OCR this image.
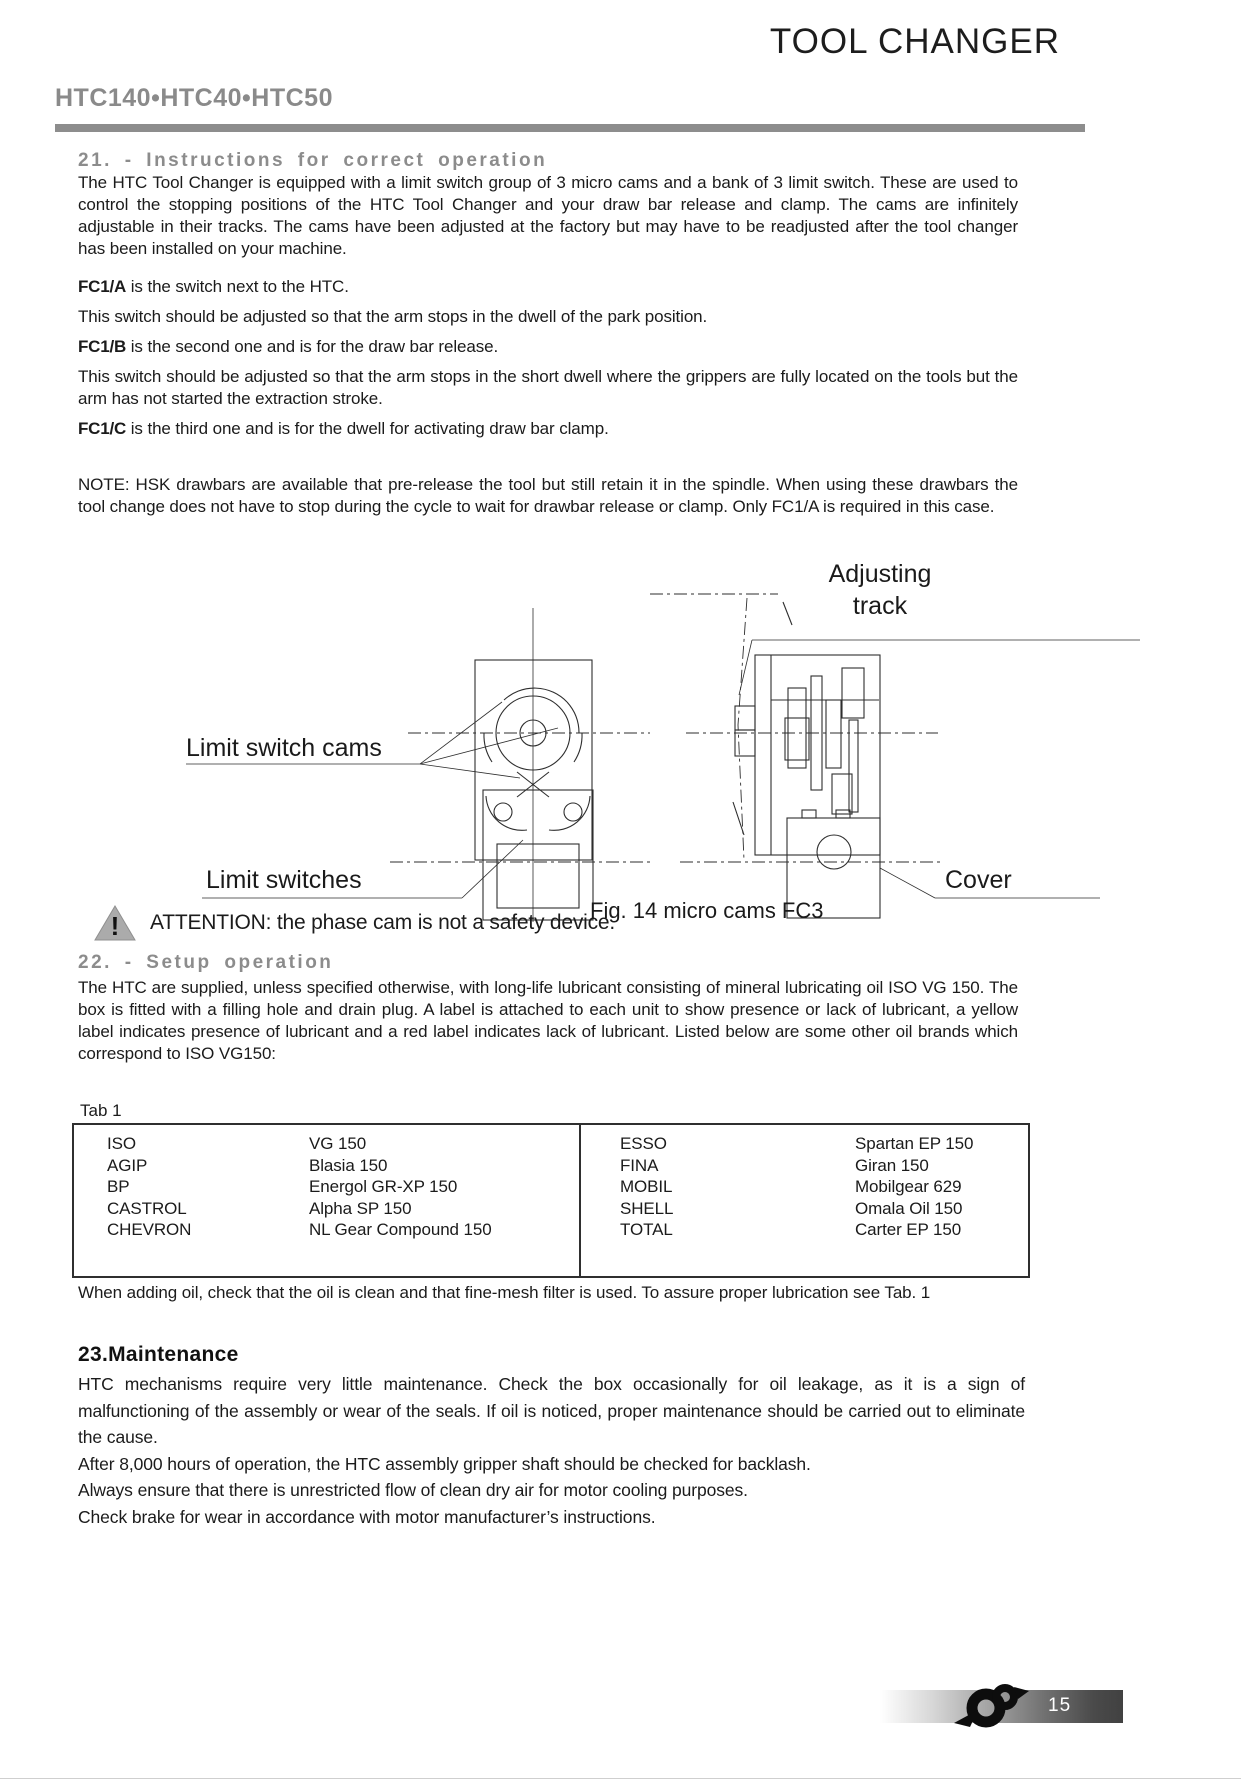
TOOL CHANGER
HTC140•HTC40•HTC50
21. - Instructions for correct operation

The HTC Tool Changer is equipped with a limit switch group of 3 micro cams and a bank of 3 limit switch. These are used to control the stopping positions of the HTC Tool Changer and your draw bar release and clamp. The cams are infinitely adjustable in their tracks. The cams have been adjusted at the factory but may have to be readjusted after the tool changer has been installed on your machine.

FC1/A is the switch next to the HTC.
This switch should be adjusted so that the arm stops in the dwell of the park position.
FC1/B is the second one and is for the draw bar release.
This switch should be adjusted so that the arm stops in the short dwell where the grippers are fully located on the tools but the arm has not started the extraction stroke.
FC1/C is the third one and is for the dwell for activating draw bar clamp.

NOTE: HSK drawbars are available that pre-release the tool but still retain it in the spindle. When using these drawbars the tool change does not have to stop during the cycle to wait for drawbar release or clamp. Only FC1/A is required in this case.

Limit switch cams
Limit switches
Adjusting
track
Cover
Fig. 14 micro cams FC3
! ATTENTION: the phase cam is not a safety device.
22. - Setup operation

The HTC are supplied, unless specified otherwise, with long-life lubricant consisting of mineral lubricating oil ISO VG 150. The box is fitted with a filling hole and drain plug. A label is attached to each unit to show presence or lack of lubricant, a yellow label indicates presence of lubricant and a red label indicates lack of lubricant. Listed below are some other oil brands which correspond to ISO VG150:

Tab 1
ISO	VG 150
AGIP	Blasia 150
BP	Energol GR-XP 150
CASTROL	Alpha SP 150
CHEVRON	NL Gear Compound 150
ESSO	Spartan EP 150
FINA	Giran 150
MOBIL	Mobilgear 629
SHELL	Omala Oil 150
TOTAL	Carter EP 150

When adding oil, check that the oil is clean and that fine-mesh filter is used. To assure proper lubrication see Tab. 1

23.Maintenance

HTC mechanisms require very little maintenance. Check the box occasionally for oil leakage, as it is a sign of malfunctioning of the assembly or wear of the seals. If oil is noticed, proper maintenance should be carried out to eliminate the cause.

After 8,000 hours of operation, the HTC assembly gripper shaft should be checked for backlash.
Always ensure that there is unrestricted flow of clean dry air for motor cooling purposes.
Check brake for wear in accordance with motor manufacturer’s instructions.
15
